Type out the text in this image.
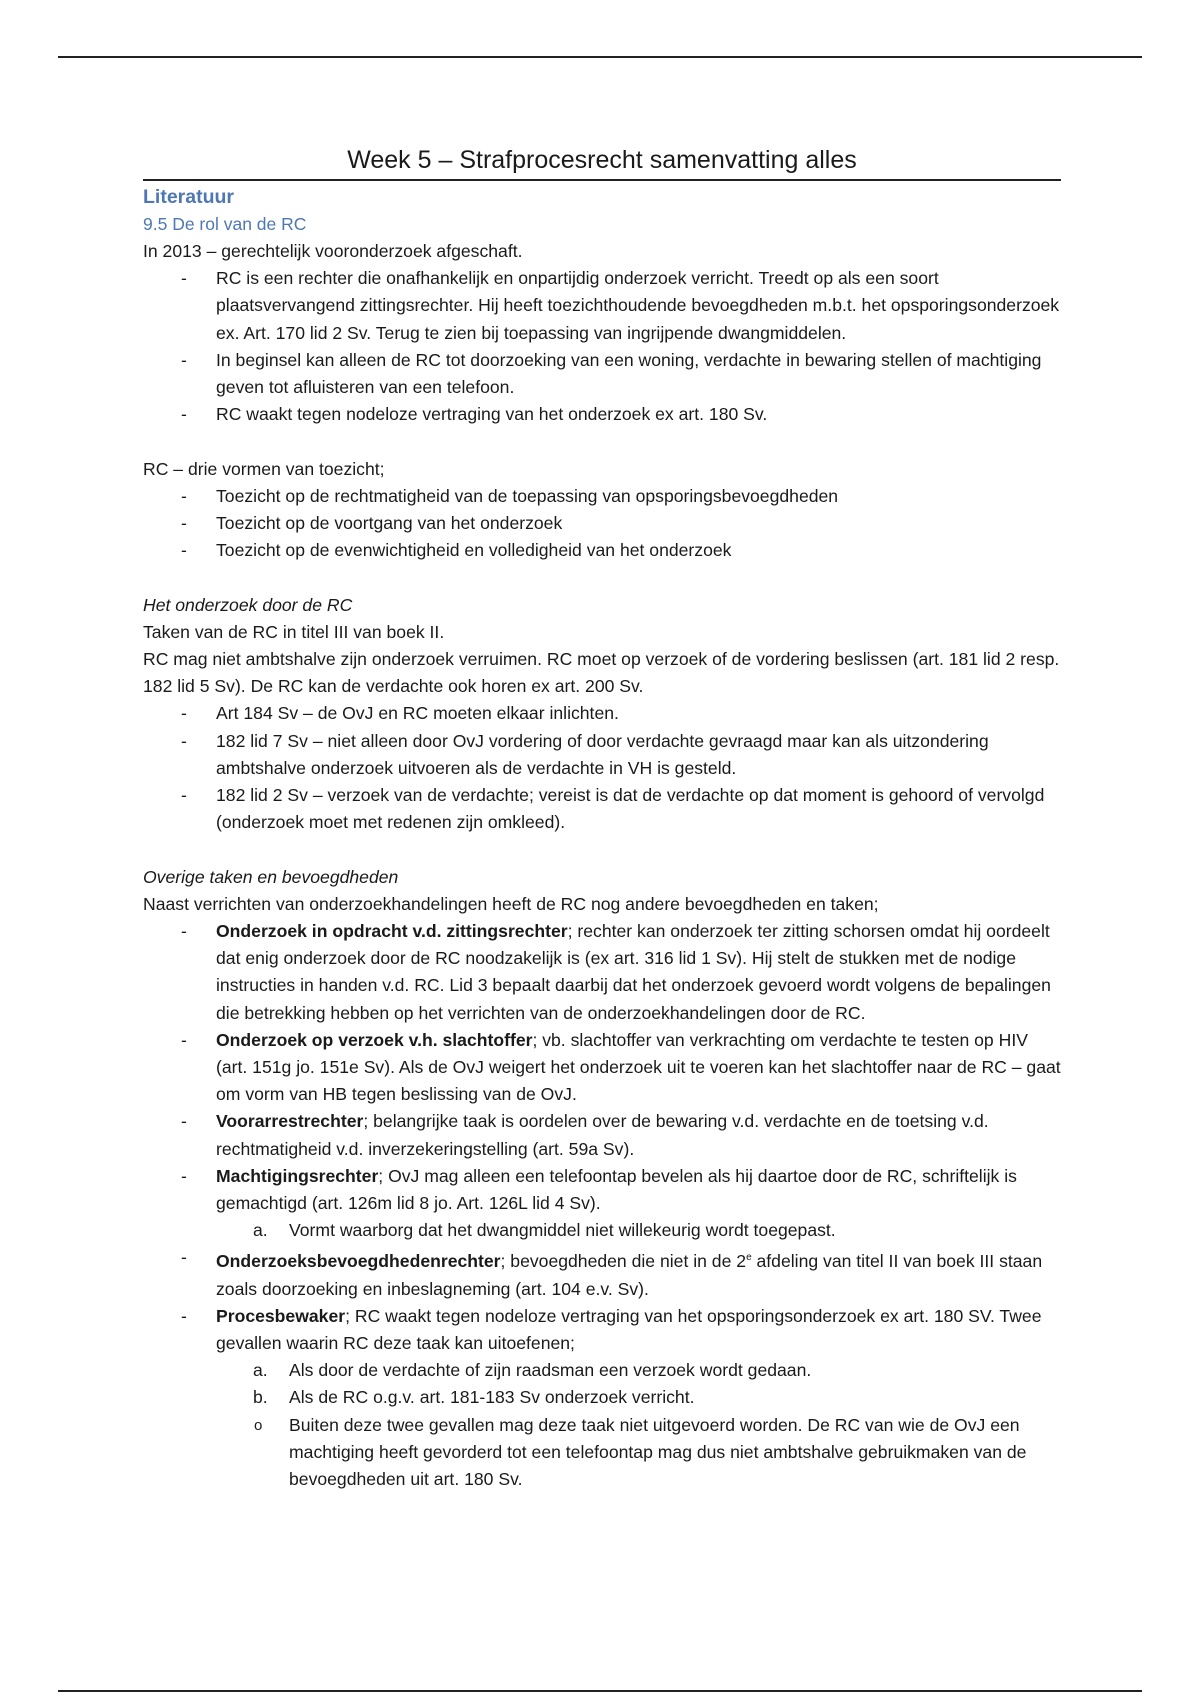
Week 5 – Strafprocesrecht samenvatting alles
Literatuur
9.5 De rol van de RC

In 2013 – gerechtelijk vooronderzoek afgeschaft.

- RC is een rechter die onafhankelijk en onpartijdig onderzoek verricht. Treedt op als een soort plaatsvervangend zittingsrechter. Hij heeft toezichthoudende bevoegdheden m.b.t. het opsporingsonderzoek ex. Art. 170 lid 2 Sv. Terug te zien bij toepassing van ingrijpende dwangmiddelen.
- In beginsel kan alleen de RC tot doorzoeking van een woning, verdachte in bewaring stellen of machtiging geven tot afluisteren van een telefoon.
- RC waakt tegen nodeloze vertraging van het onderzoek ex art. 180 Sv.

RC – drie vormen van toezicht;

- Toezicht op de rechtmatigheid van de toepassing van opsporingsbevoegdheden
- Toezicht op de voortgang van het onderzoek
- Toezicht op de evenwichtigheid en volledigheid van het onderzoek

Het onderzoek door de RC

Taken van de RC in titel III van boek II.

RC mag niet ambtshalve zijn onderzoek verruimen. RC moet op verzoek of de vordering beslissen (art. 181 lid 2 resp. 182 lid 5 Sv). De RC kan de verdachte ook horen ex art. 200 Sv.

- Art 184 Sv – de OvJ en RC moeten elkaar inlichten.
- 182 lid 7 Sv – niet alleen door OvJ vordering of door verdachte gevraagd maar kan als uitzondering ambtshalve onderzoek uitvoeren als de verdachte in VH is gesteld.
- 182 lid 2 Sv – verzoek van de verdachte; vereist is dat de verdachte op dat moment is gehoord of vervolgd (onderzoek moet met redenen zijn omkleed).

Overige taken en bevoegdheden

Naast verrichten van onderzoekhandelingen heeft de RC nog andere bevoegdheden en taken;

- Onderzoek in opdracht v.d. zittingsrechter; rechter kan onderzoek ter zitting schorsen omdat hij oordeelt dat enig onderzoek door de RC noodzakelijk is (ex art. 316 lid 1 Sv). Hij stelt de stukken met de nodige instructies in handen v.d. RC. Lid 3 bepaalt daarbij dat het onderzoek gevoerd wordt volgens de bepalingen die betrekking hebben op het verrichten van de onderzoekhandelingen door de RC.
- Onderzoek op verzoek v.h. slachtoffer; vb. slachtoffer van verkrachting om verdachte te testen op HIV (art. 151g jo. 151e Sv). Als de OvJ weigert het onderzoek uit te voeren kan het slachtoffer naar de RC – gaat om vorm van HB tegen beslissing van de OvJ.
- Voorarrestrechter; belangrijke taak is oordelen over de bewaring v.d. verdachte en de toetsing v.d. rechtmatigheid v.d. inverzekeringstelling (art. 59a Sv).
- Machtigingsrechter; OvJ mag alleen een telefoontap bevelen als hij daartoe door de RC, schriftelijk is gemachtigd (art. 126m lid 8 jo. Art. 126L lid 4 Sv).
a. Vormt waarborg dat het dwangmiddel niet willekeurig wordt toegepast.
- Onderzoeksbevoegdhedenrechter; bevoegdheden die niet in de 2e afdeling van titel II van boek III staan zoals doorzoeking en inbeslagneming (art. 104 e.v. Sv).
- Procesbewaker; RC waakt tegen nodeloze vertraging van het opsporingsonderzoek ex art. 180 SV. Twee gevallen waarin RC deze taak kan uitoefenen;
a. Als door de verdachte of zijn raadsman een verzoek wordt gedaan.
b. Als de RC o.g.v. art. 181-183 Sv onderzoek verricht.
o Buiten deze twee gevallen mag deze taak niet uitgevoerd worden. De RC van wie de OvJ een machtiging heeft gevorderd tot een telefoontap mag dus niet ambtshalve gebruikmaken van de bevoegdheden uit art. 180 Sv.
